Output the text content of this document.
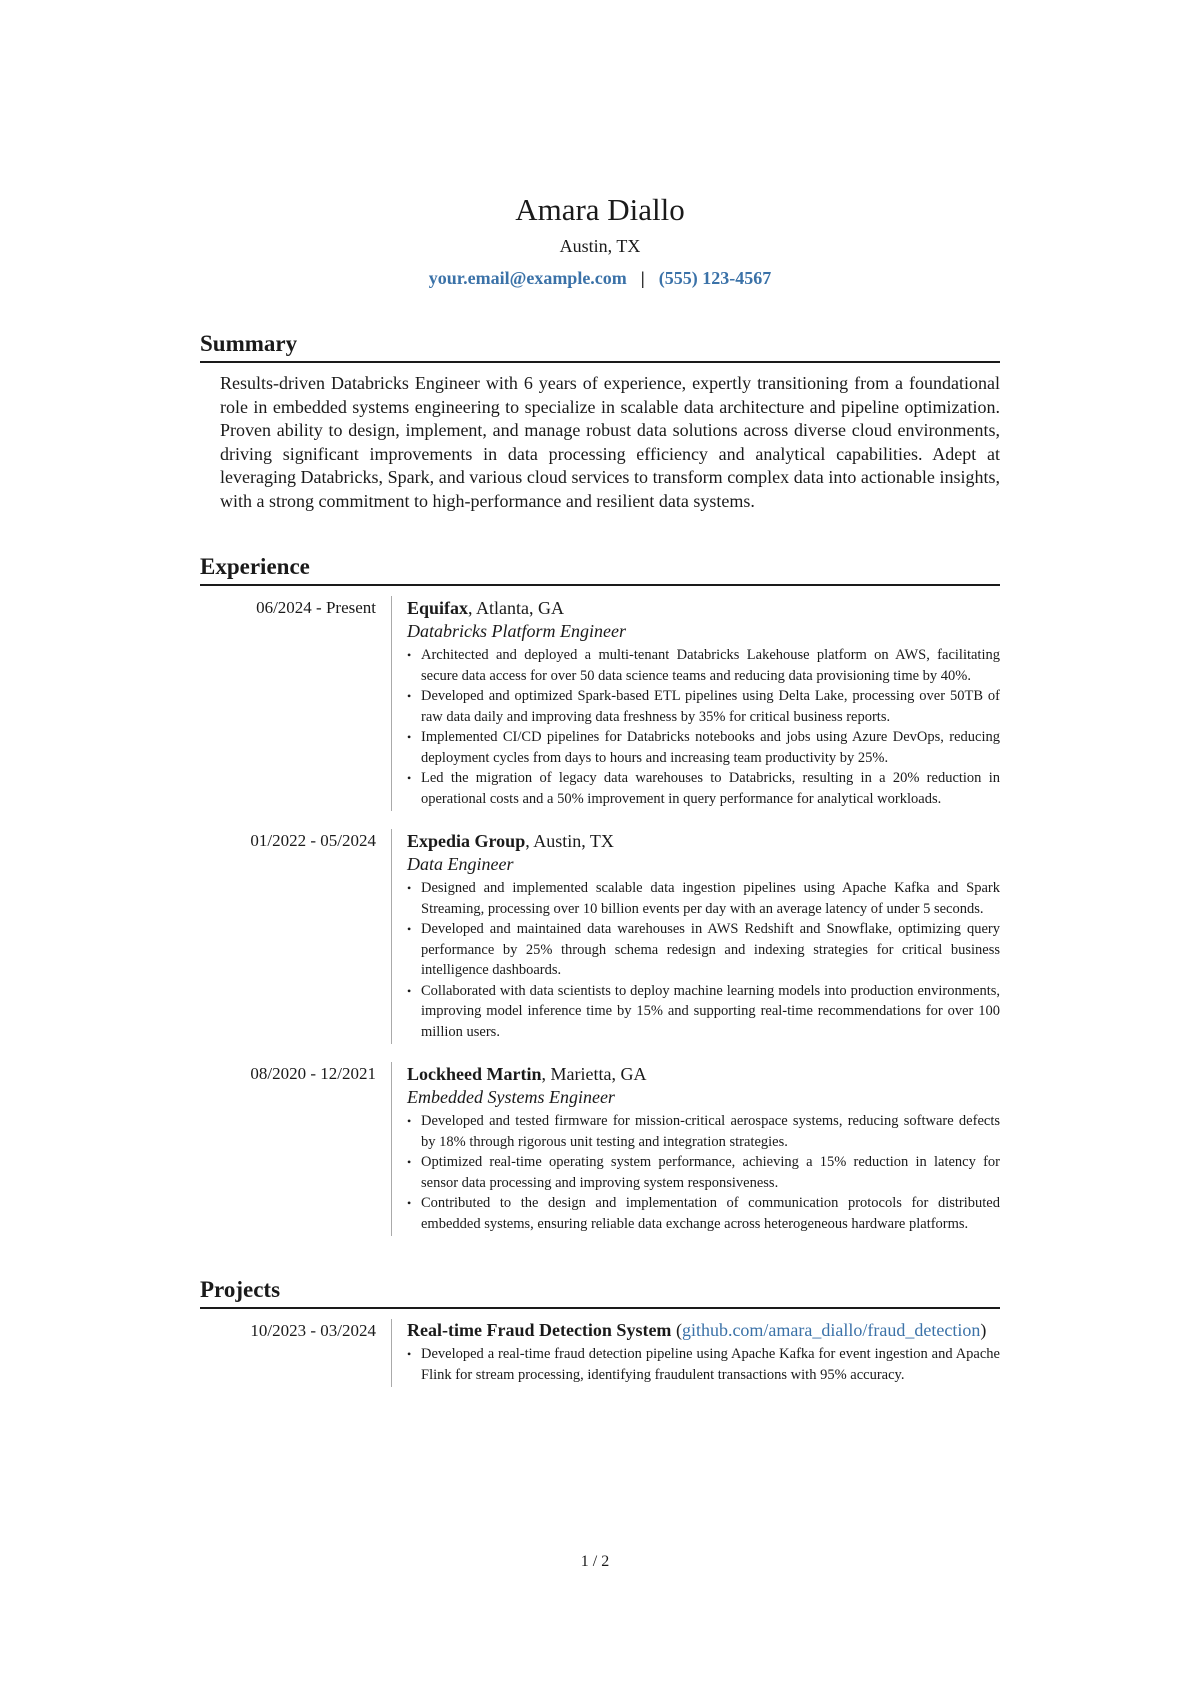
Amara Diallo
Austin, TX
your.email@example.com | (555) 123-4567
Summary

Results-driven Databricks Engineer with 6 years of experience, expertly transitioning from a foundational role in embedded systems engineering to specialize in scalable data architecture and pipeline optimization. Proven ability to design, implement, and manage robust data solutions across diverse cloud environments, driving significant improvements in data processing efficiency and analytical capabilities. Adept at leveraging Databricks, Spark, and various cloud services to transform complex data into actionable insights, with a strong commitment to high-performance and resilient data systems.

Experience
06/2024 - Present	Equifax, Atlanta, GA
Databricks Platform Engineer
• Architected and deployed a multi-tenant Databricks Lakehouse platform on AWS, facilitating secure data access for over 50 data science teams and reducing data provisioning time by 40%.
• Developed and optimized Spark-based ETL pipelines using Delta Lake, processing over 50TB of raw data daily and improving data freshness by 35% for critical business reports.
• Implemented CI/CD pipelines for Databricks notebooks and jobs using Azure DevOps, reducing deployment cycles from days to hours and increasing team productivity by 25%.
• Led the migration of legacy data warehouses to Databricks, resulting in a 20% reduction in operational costs and a 50% improvement in query performance for analytical workloads.
01/2022 - 05/2024	Expedia Group, Austin, TX
Data Engineer
• Designed and implemented scalable data ingestion pipelines using Apache Kafka and Spark Streaming, processing over 10 billion events per day with an average latency of under 5 seconds.
• Developed and maintained data warehouses in AWS Redshift and Snowflake, optimizing query performance by 25% through schema redesign and indexing strategies for critical business intelligence dashboards.
• Collaborated with data scientists to deploy machine learning models into production environments, improving model inference time by 15% and supporting real-time recommendations for over 100 million users.
08/2020 - 12/2021	Lockheed Martin, Marietta, GA
Embedded Systems Engineer
• Developed and tested firmware for mission-critical aerospace systems, reducing software defects by 18% through rigorous unit testing and integration strategies.
• Optimized real-time operating system performance, achieving a 15% reduction in latency for sensor data processing and improving system responsiveness.
• Contributed to the design and implementation of communication protocols for distributed embedded systems, ensuring reliable data exchange across heterogeneous hardware platforms.
Projects
10/2023 - 03/2024	Real-time Fraud Detection System (github.com/amara_diallo/fraud_detection)
• Developed a real-time fraud detection pipeline using Apache Kafka for event ingestion and Apache Flink for stream processing, identifying fraudulent transactions with 95% accuracy.
1 / 2
